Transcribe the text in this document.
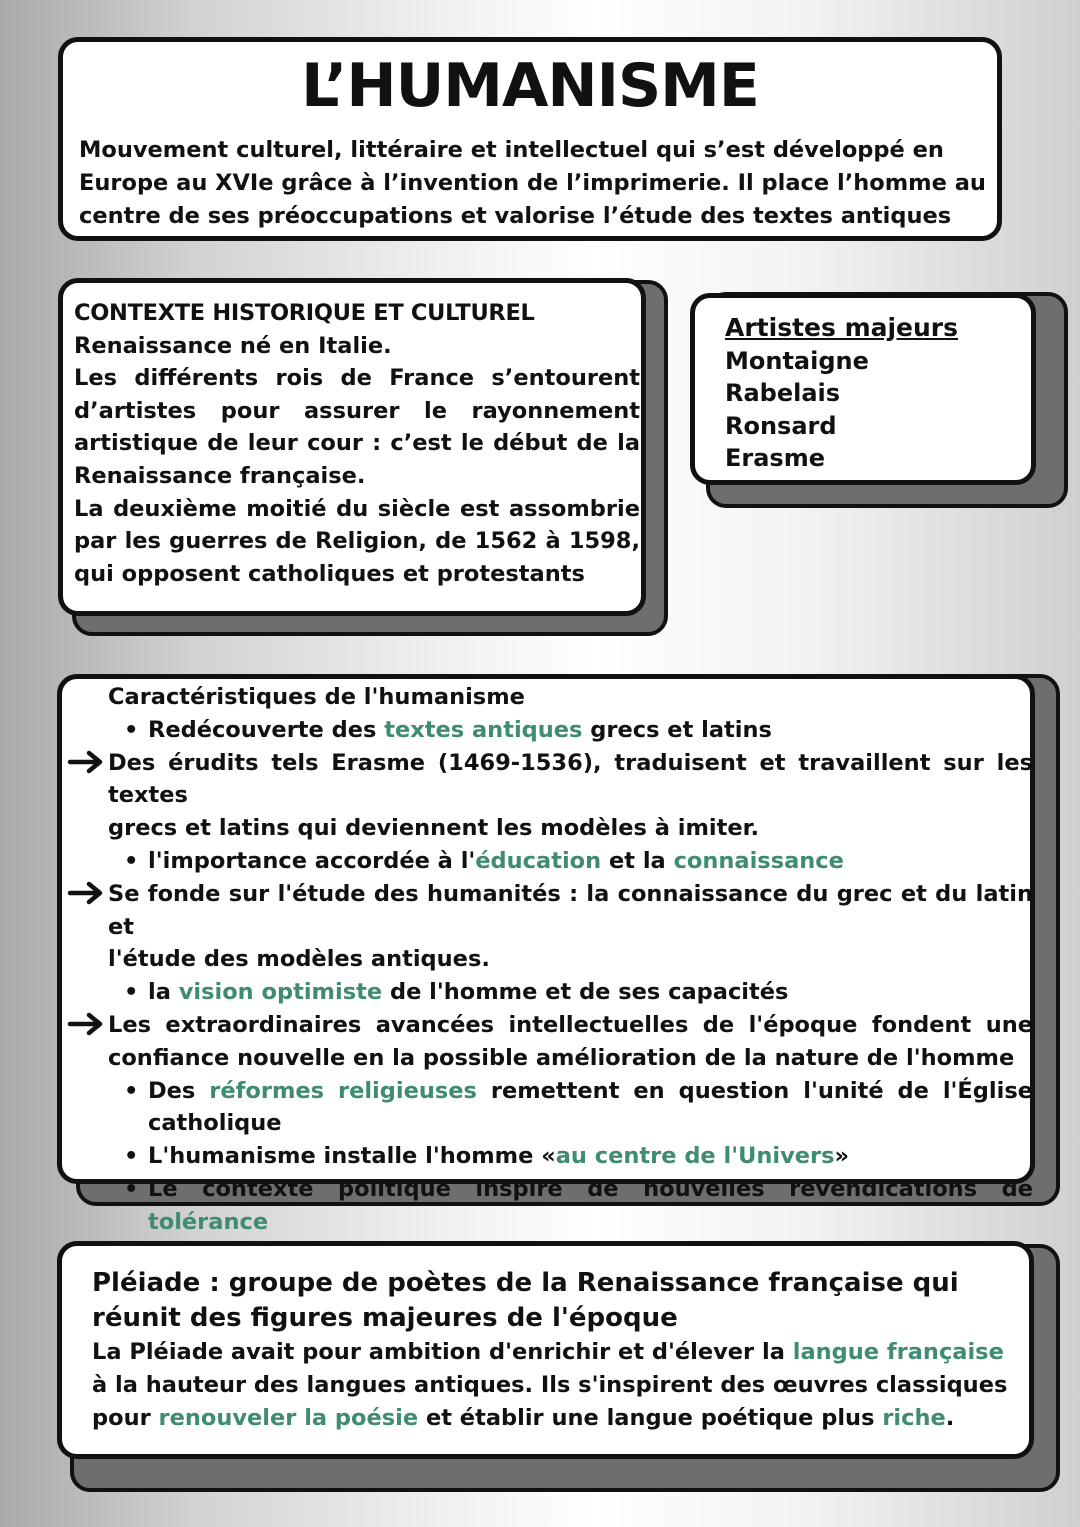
L’HUMANISME

Mouvement culturel, littéraire et intellectuel qui s’est développé en Europe au XVIe grâce à l’invention de l’imprimerie. Il place l’homme au centre de ses préoccupations et valorise l’étude des textes antiques

CONTEXTE HISTORIQUE ET CULTUREL
Renaissance né en Italie.
Les différents rois de France s’entourent d’artistes pour assurer le rayonnement artistique de leur cour : c’est le début de la Renaissance française.
La deuxième moitié du siècle est assombrie par les guerres de Religion, de 1562 à 1598, qui opposent catholiques et protestants
Artistes majeurs
Montaigne
Rabelais
Ronsard
Erasme
Caractéristiques de l'humanisme
• Redécouverte des textes antiques grecs et latins
Des érudits tels Erasme (1469-1536), traduisent et travaillent sur les textes
grecs et latins qui deviennent les modèles à imiter.
• l'importance accordée à l'éducation et la connaissance
Se fonde sur l'étude des humanités : la connaissance du grec et du latin et
l'étude des modèles antiques.
• la vision optimiste de l'homme et de ses capacités
Les extraordinaires avancées intellectuelles de l'époque fondent une
confiance nouvelle en la possible amélioration de la nature de l'homme
• Des réformes religieuses remettent en question l'unité de l'Église
catholique
• L'humanisme installe l'homme «au centre de l'Univers»
• Le contexte politique inspire de nouvelles revendications de tolérance
Pléiade : groupe de poètes de la Renaissance française qui réunit des figures majeures de l'époque
La Pléiade avait pour ambition d'enrichir et d'élever la langue française à la hauteur des langues antiques. Ils s'inspirent des œuvres classiques pour renouveler la poésie et établir une langue poétique plus riche.
